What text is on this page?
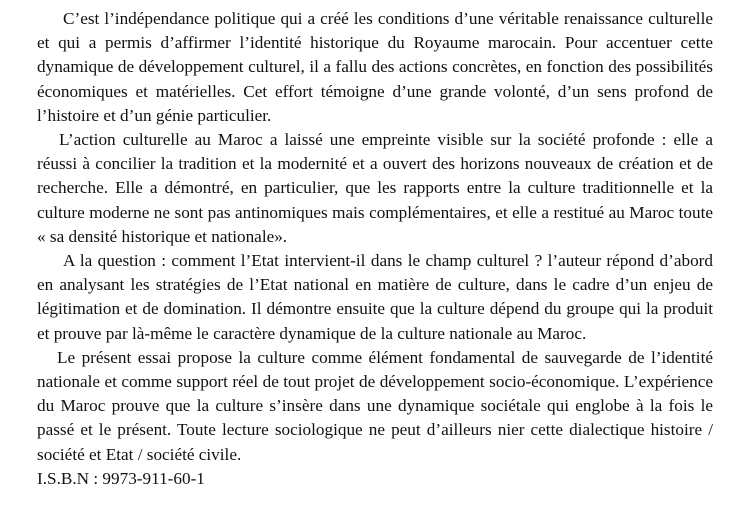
C’est l’indépendance politique qui a créé les conditions d’une véritable renaissance culturelle et qui a permis d’affirmer l’identité historique du Royaume marocain. Pour accentuer cette dynamique de développement culturel, il a fallu des actions concrètes, en fonction des possibilités économiques et matérielles. Cet effort témoigne d’une grande volonté, d’un sens profond de l’histoire et d’un génie particulier.

L’action culturelle au Maroc a laissé une empreinte visible sur la société profonde : elle a réussi à concilier la tradition et la modernité et a ouvert des horizons nouveaux de création et de recherche. Elle a démontré, en particulier, que les rapports entre la culture traditionnelle et la culture moderne ne sont pas antinomiques mais complémentaires, et elle a restitué au Maroc toute « sa densité historique et nationale».

A la question : comment l’Etat intervient-il dans le champ culturel ? l’auteur répond d’abord en analysant les stratégies de l’Etat national en matière de culture, dans le cadre d’un enjeu de légitimation et de domination. Il démontre ensuite que la culture dépend du groupe qui la produit et prouve par là-même le caractère dynamique de la culture nationale au Maroc.

Le présent essai propose la culture comme élément fondamental de sauvegarde de l’identité nationale et comme support réel de tout projet de développement socio-économique. L’expérience du Maroc prouve que la culture s’insère dans une dynamique sociétale qui englobe à la fois le passé et le présent. Toute lecture sociologique ne peut d’ailleurs nier cette dialectique histoire / société et Etat / société civile.

I.S.B.N : 9973-911-60-1
